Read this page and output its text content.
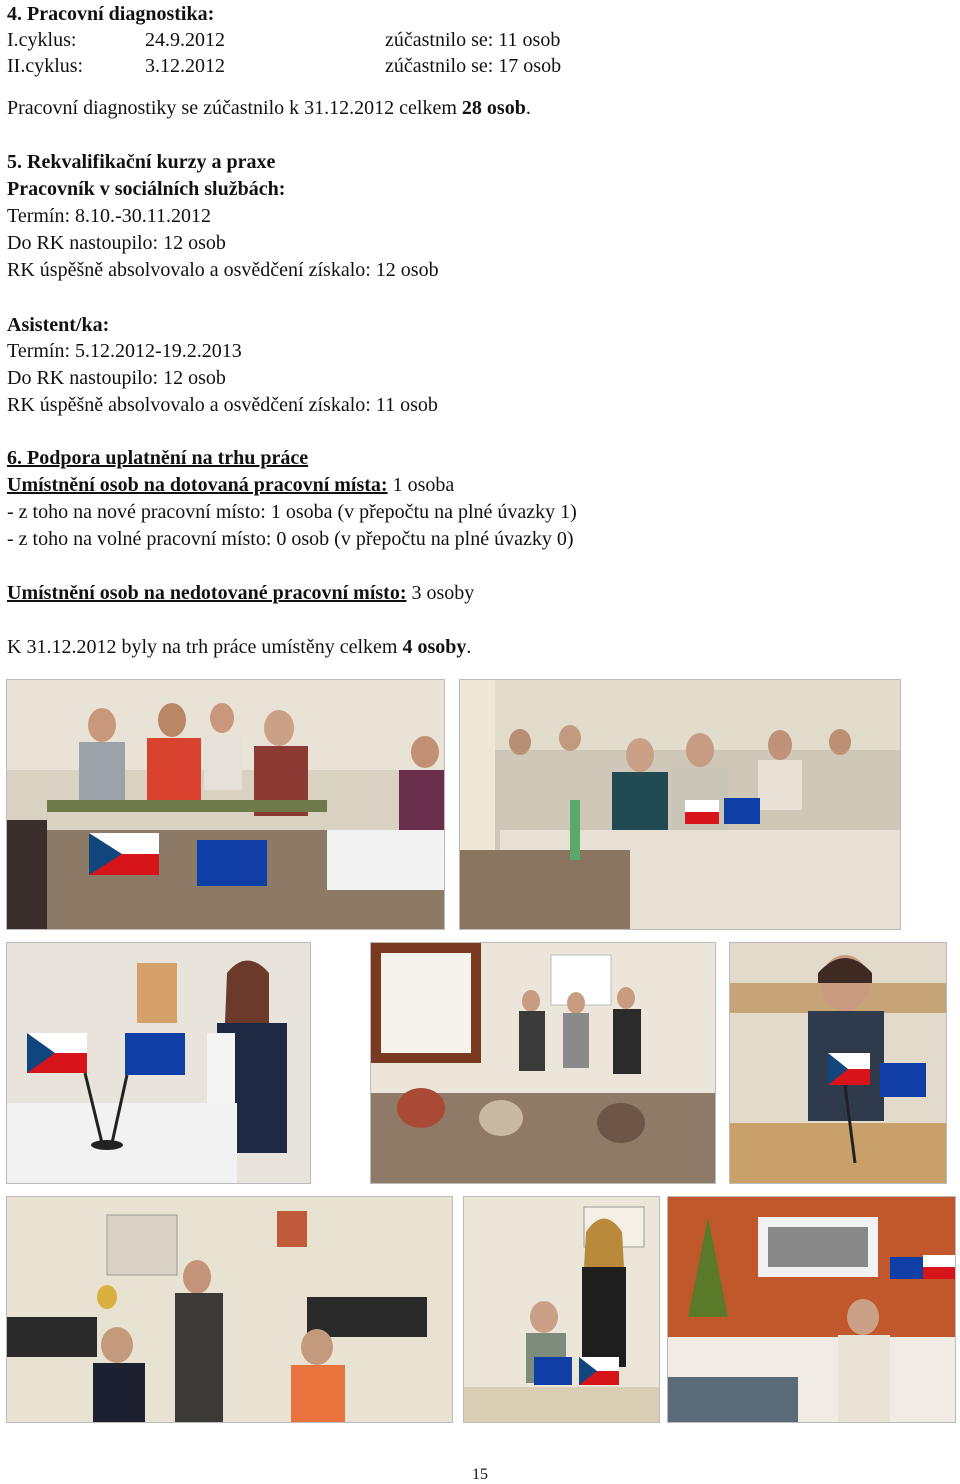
4. Pracovní diagnostika:
I.cyklus:	24.9.2012	zúčastnilo se: 11 osob
II.cyklus:	3.12.2012	zúčastnilo se: 17 osob
Pracovní diagnostiky se zúčastnilo k 31.12.2012 celkem 28 osob.
5. Rekvalifikační kurzy a praxe
Pracovník v sociálních službách:
Termín: 8.10.-30.11.2012
Do RK nastoupilo: 12 osob
RK úspěšně absolvovalo a osvědčení získalo: 12 osob
Asistent/ka:
Termín: 5.12.2012-19.2.2013
Do RK nastoupilo: 12 osob
RK úspěšně absolvovalo a osvědčení získalo: 11 osob
6. Podpora uplatnění na trhu práce
Umístnění osob na dotovaná pracovní místa: 1 osoba
- z toho na nové pracovní místo: 1 osoba (v přepočtu na plné úvazky 1)
- z toho na volné pracovní místo: 0 osob (v přepočtu na plné úvazky 0)
Umístnění osob na nedotované pracovní místo: 3 osoby
K 31.12.2012 byly na trh práce umístěny celkem 4 osoby.
15
